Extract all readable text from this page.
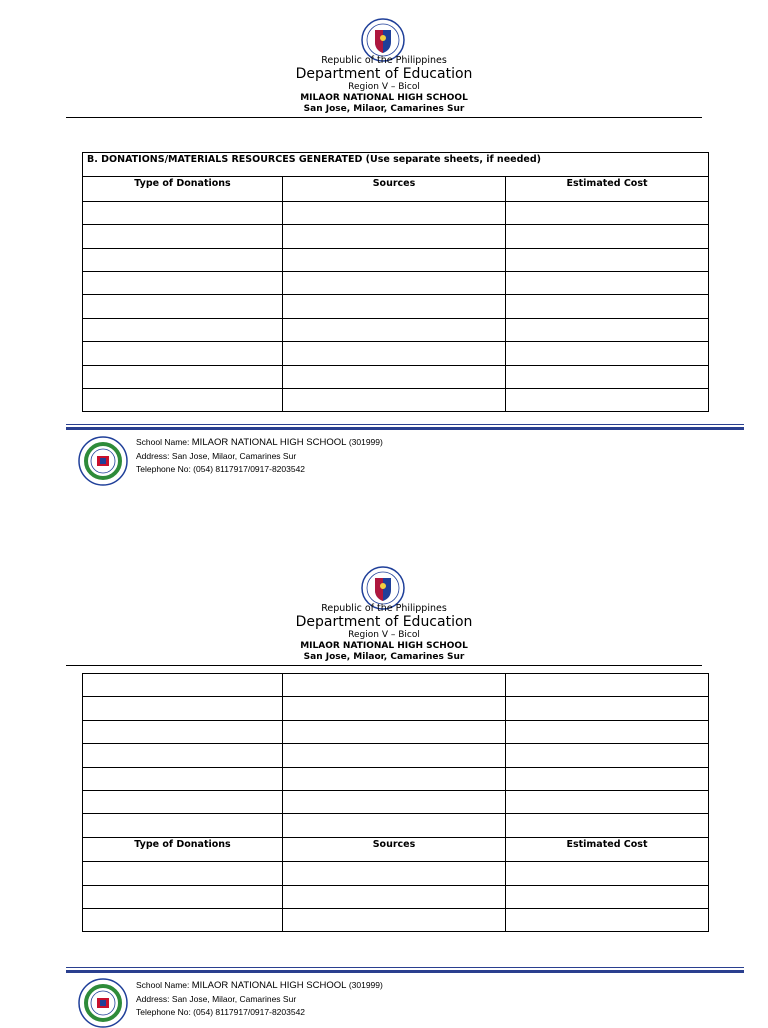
Republic of the Philippines
Department of Education
Region V – Bicol
MILAOR NATIONAL HIGH SCHOOL
San Jose, Milaor, Camarines Sur
B. DONATIONS/MATERIALS RESOURCES GENERATED (Use separate sheets, if needed)		
Type of Donations	Sources	Estimated Cost

School Name: MILAOR NATIONAL HIGH SCHOOL (301999)
Address: San Jose, Milaor, Camarines Sur
Telephone No: (054) 8117917/0917-8203542
Republic of the Philippines
Department of Education
Region V – Bicol
MILAOR NATIONAL HIGH SCHOOL
San Jose, Milaor, Camarines Sur

Type of Donations	Sources	Estimated Cost

School Name: MILAOR NATIONAL HIGH SCHOOL (301999)
Address: San Jose, Milaor, Camarines Sur
Telephone No: (054) 8117917/0917-8203542
